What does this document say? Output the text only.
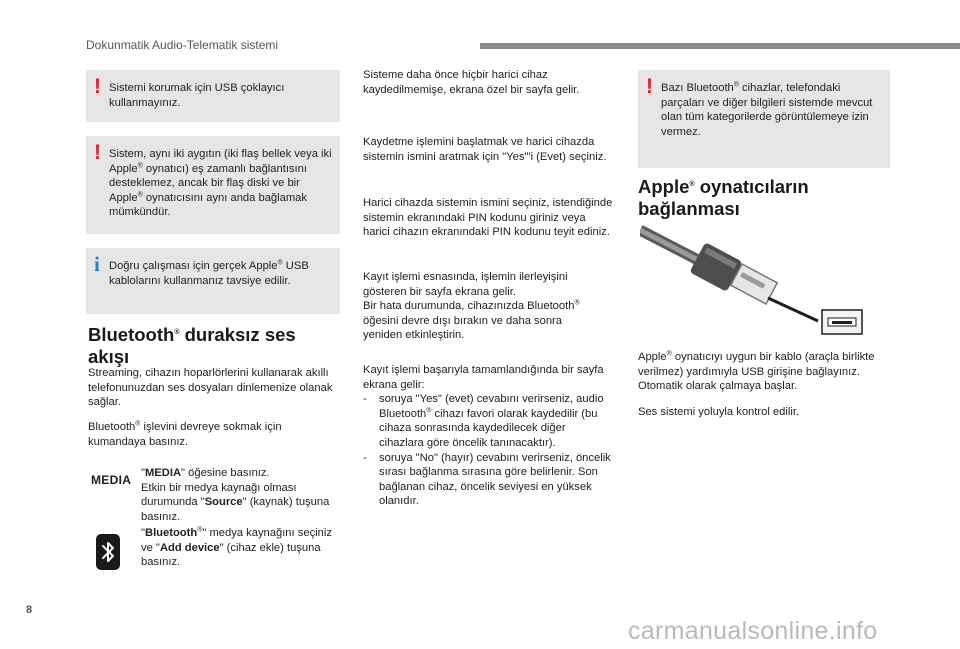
Dokunmatik Audio-Telematik sistemi
! Sistemi korumak için USB çoklayıcı kullanmayınız.
! Sistem, aynı iki aygıtın (iki flaş bellek veya iki Apple® oynatıcı) eş zamanlı bağlantısını desteklemez, ancak bir flaş diski ve bir Apple® oynatıcısını aynı anda bağlamak mümkündür.
i Doğru çalışması için gerçek Apple® USB kablolarını kullanmanız tavsiye edilir.
Bluetooth® duraksız ses akışı
Streaming, cihazın hoparlörlerini kullanarak akıllı telefonunuzdan ses dosyaları dinlemenize olanak sağlar.
Bluetooth® işlevini devreye sokmak için kumandaya basınız.
MEDIA "MEDIA" öğesine basınız.
Etkin bir medya kaynağı olması durumunda "Source" (kaynak) tuşuna basınız.
"Bluetooth®" medya kaynağını seçiniz ve "Add device" (cihaz ekle) tuşuna basınız.
Sisteme daha önce hiçbir harici cihaz kaydedilmemişe, ekrana özel bir sayfa gelir.
Kaydetme işlemini başlatmak ve harici cihazda sistemin ismini aratmak için "Yes"'i (Evet) seçiniz.
Harici cihazda sistemin ismini seçiniz, istendiğinde sistemin ekranındaki PIN kodunu giriniz veya harici cihazın ekranındaki PIN kodunu teyit ediniz.
Kayıt işlemi esnasında, işlemin ilerleyişini gösteren bir sayfa ekrana gelir.
Bir hata durumunda, cihazınızda Bluetooth® öğesini devre dışı bırakın ve daha sonra yeniden etkinleştirin.
Kayıt işlemi başarıyla tamamlandığında bir sayfa ekrana gelir:
- soruya "Yes" (evet) cevabını verirseniz, audio Bluetooth® cihazı favori olarak kaydedilir (bu cihaza sonrasında kaydedilecek diğer cihazlara göre öncelik tanınacaktır).
- soruya "No" (hayır) cevabını verirseniz, öncelik sırası bağlanma sırasına göre belirlenir. Son bağlanan cihaz, öncelik seviyesi en yüksek olanıdır.
! Bazı Bluetooth® cihazlar, telefondaki parçaları ve diğer bilgileri sistemde mevcut olan tüm kategorilerde görüntülemeye izin vermez.
Apple® oynatıcıların bağlanması
Apple® oynatıcıyı uygun bir kablo (araçla birlikte verilmez) yardımıyla USB girişine bağlayınız. Otomatik olarak çalmaya başlar.
Ses sistemi yoluyla kontrol edilir.
8
carmanualsonline.info
